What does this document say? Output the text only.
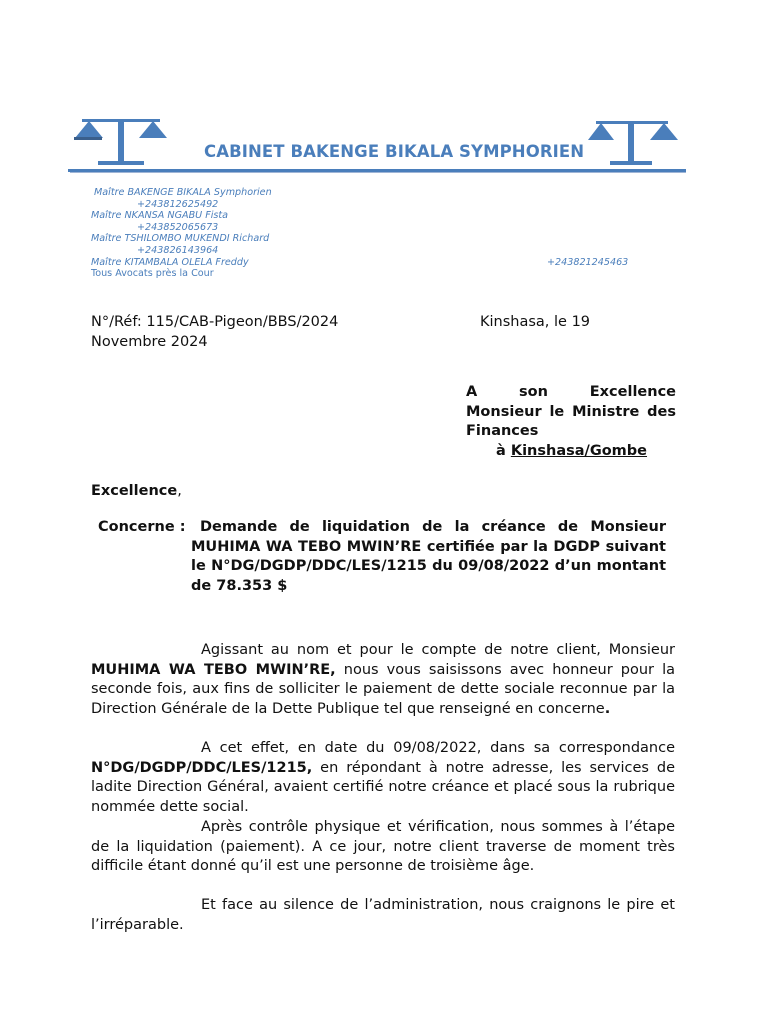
CABINET BAKENGE BIKALA SYMPHORIEN
Maître BAKENGE BIKALA Symphorien
+243812625492
Maître NKANSA NGABU Fista
+243852065673
Maître TSHILOMBO MUKENDI Richard
+243826143964
Maître KITAMBALA OLELA Freddy	+243821245463
Tous Avocats près la Cour
N°/Réf: 115/CAB-Pigeon/BBS/2024	Kinshasa, le 19
Novembre 2024
A son Excellence Monsieur le Ministre des Finances
à Kinshasa/Gombe
Excellence,
Concerne : Demande de liquidation de la créance de Monsieur MUHIMA WA TEBO MWIN’RE certifiée par la DGDP suivant le N°DG/DGDP/DDC/LES/1215 du 09/08/2022 d’un montant de 78.353 $
Agissant au nom et pour le compte de notre client, Monsieur MUHIMA WA TEBO MWIN’RE, nous vous saisissons avec honneur pour la seconde fois, aux fins de solliciter le paiement de dette sociale reconnue par la Direction Générale de la Dette Publique tel que renseigné en concerne.
A cet effet, en date du 09/08/2022, dans sa correspondance N°DG/DGDP/DDC/LES/1215, en répondant à notre adresse, les services de ladite Direction Général, avaient certifié notre créance et placé sous la rubrique nommée dette social.
Après contrôle physique et vérification, nous sommes à l’étape de la liquidation (paiement). A ce jour, notre client traverse de moment très difficile étant donné qu’il est une personne de troisième âge.
Et face au silence de l’administration, nous craignons le pire et l’irréparable.
